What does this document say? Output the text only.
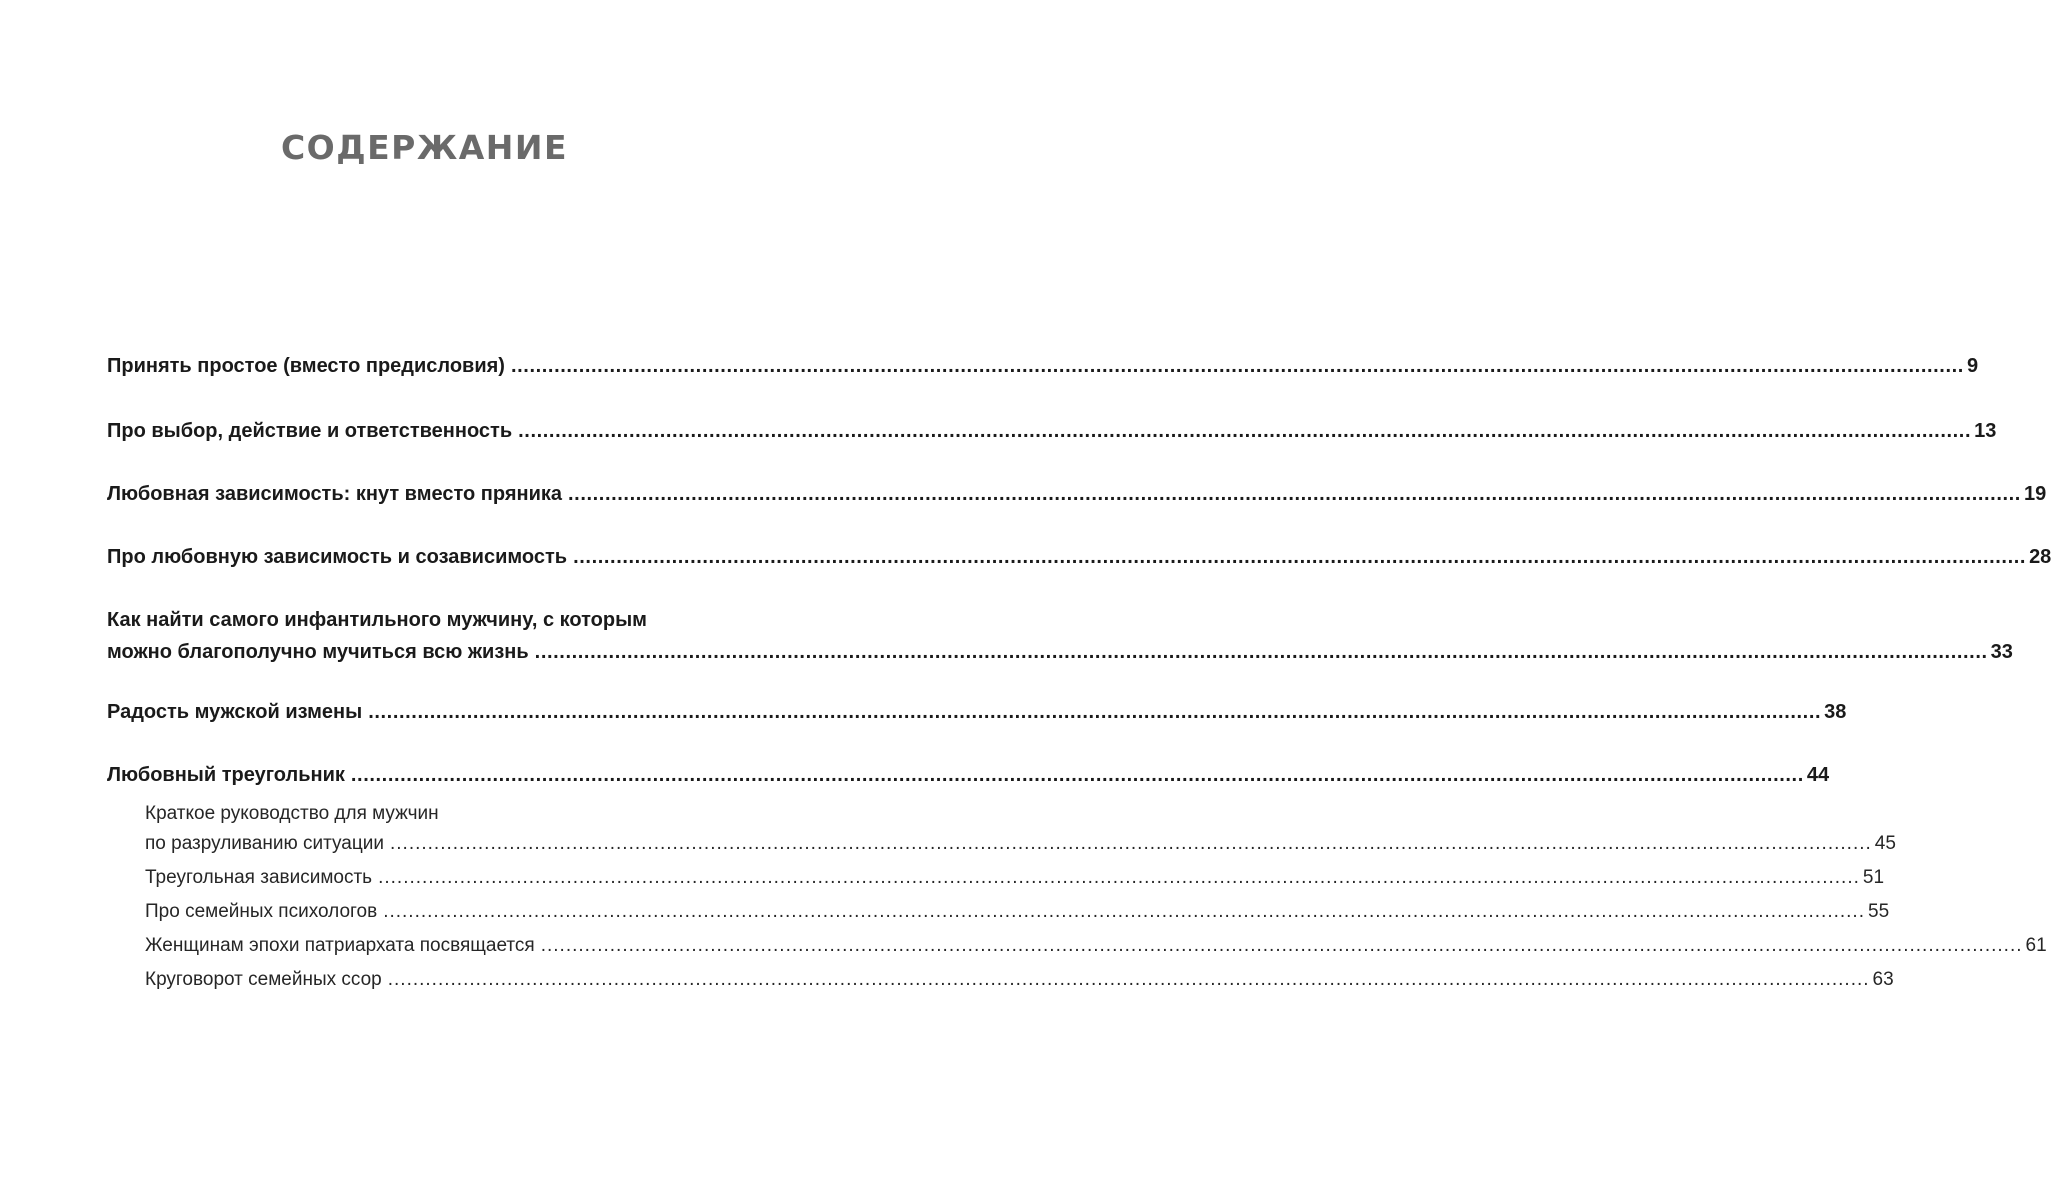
СОДЕРЖАНИЕ
Принять простое (вместо предисловия) ............................................................................................................................................................................................................................................ 9
Про выбор, действие и ответственность ............................................................................................................................................................................................................................................ 13
Любовная зависимость: кнут вместо пряника ............................................................................................................................................................................................................................................ 19
Про любовную зависимость и созависимость ............................................................................................................................................................................................................................................ 28
Как найти самого инфантильного мужчину, с которым
можно благополучно мучиться всю жизнь ............................................................................................................................................................................................................................................ 33
Радость мужской измены ............................................................................................................................................................................................................................................ 38
Любовный треугольник ............................................................................................................................................................................................................................................ 44
Краткое руководство для мужчин
по разруливанию ситуации ............................................................................................................................................................................................................................................ 45
Треугольная зависимость ............................................................................................................................................................................................................................................ 51
Про семейных психологов ............................................................................................................................................................................................................................................ 55
Женщинам эпохи патриархата посвящается ............................................................................................................................................................................................................................................ 61
Круговорот семейных ссор ............................................................................................................................................................................................................................................ 63
